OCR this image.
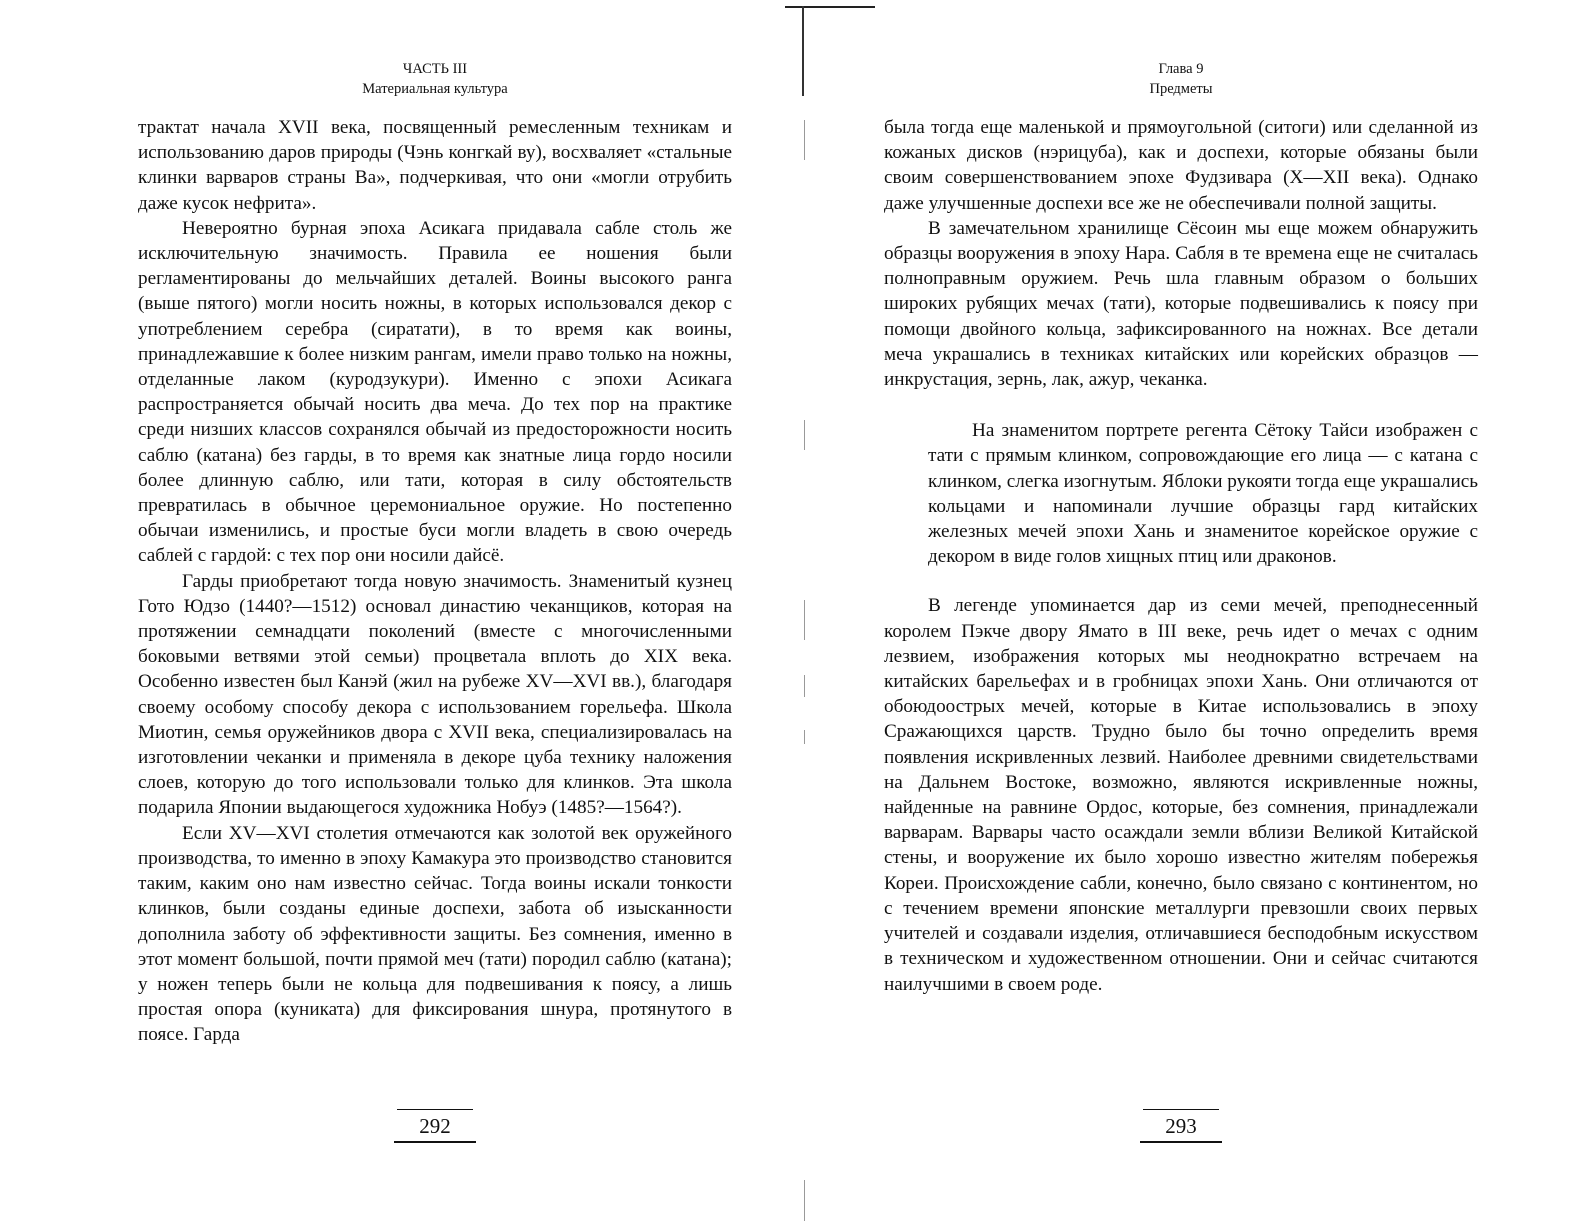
ЧАСТЬ III
Материальная культура

трактат начала XVII века, посвященный ремесленным техникам и использованию даров природы (Чэнь конгкай ву), восхваляет «стальные клинки варваров страны Ва», подчеркивая, что они «могли отрубить даже кусок нефрита».

Невероятно бурная эпоха Асикага придавала сабле столь же исключительную значимость. Правила ее ношения были регламентированы до мельчайших деталей. Воины высокого ранга (выше пятого) могли носить ножны, в которых использовался декор с употреблением серебра (сиратати), в то время как воины, принадлежавшие к более низким рангам, имели право только на ножны, отделанные лаком (куродзукури). Именно с эпохи Асикага распространяется обычай носить два меча. До тех пор на практике среди низших классов сохранялся обычай из предосторожности носить саблю (катана) без гарды, в то время как знатные лица гордо носили более длинную саблю, или тати, которая в силу обстоятельств превратилась в обычное церемониальное оружие. Но постепенно обычаи изменились, и простые буси могли владеть в свою очередь саблей с гардой: с тех пор они носили дайсё.

Гарды приобретают тогда новую значимость. Знаменитый кузнец Гото Юдзо (1440?—1512) основал династию чеканщиков, которая на протяжении семнадцати поколений (вместе с многочисленными боковыми ветвями этой семьи) процветала вплоть до XIX века. Особенно известен был Канэй (жил на рубеже XV—XVI вв.), благодаря своему особому способу декора с использованием горельефа. Школа Миотин, семья оружейников двора с XVII века, специализировалась на изготовлении чеканки и применяла в декоре цуба технику наложения слоев, которую до того использовали только для клинков. Эта школа подарила Японии выдающегося художника Нобуэ (1485?—1564?).

Если XV—XVI столетия отмечаются как золотой век оружейного производства, то именно в эпоху Камакура это производство становится таким, каким оно нам известно сейчас. Тогда воины искали тонкости клинков, были созданы единые доспехи, забота об изысканности дополнила заботу об эффективности защиты. Без сомнения, именно в этот момент большой, почти прямой меч (тати) породил саблю (катана); у ножен теперь были не кольца для подвешивания к поясу, а лишь простая опора (куниката) для фиксирования шнура, протянутого в поясе. Гарда

292
Глава 9
Предметы

была тогда еще маленькой и прямоугольной (ситоги) или сделанной из кожаных дисков (нэрицуба), как и доспехи, которые обязаны были своим совершенствованием эпохе Фудзивара (X—XII века). Однако даже улучшенные доспехи все же не обеспечивали полной защиты.

В замечательном хранилище Сёсоин мы еще можем обнаружить образцы вооружения в эпоху Нара. Сабля в те времена еще не считалась полноправным оружием. Речь шла главным образом о больших широких рубящих мечах (тати), которые подвешивались к поясу при помощи двойного кольца, зафиксированного на ножнах. Все детали меча украшались в техниках китайских или корейских образцов — инкрустация, зернь, лак, ажур, чеканка.

На знаменитом портрете регента Сётоку Тайси изображен с тати с прямым клинком, сопровождающие его лица — с катана с клинком, слегка изогнутым. Яблоки рукояти тогда еще украшались кольцами и напоминали лучшие образцы гард китайских железных мечей эпохи Хань и знаменитое корейское оружие с декором в виде голов хищных птиц или драконов.

В легенде упоминается дар из семи мечей, преподнесенный королем Пэкче двору Ямато в III веке, речь идет о мечах с одним лезвием, изображения которых мы неоднократно встречаем на китайских барельефах и в гробницах эпохи Хань. Они отличаются от обоюдоострых мечей, которые в Китае использовались в эпоху Сражающихся царств. Трудно было бы точно определить время появления искривленных лезвий. Наиболее древними свидетельствами на Дальнем Востоке, возможно, являются искривленные ножны, найденные на равнине Ордос, которые, без сомнения, принадлежали варварам. Варвары часто осаждали земли вблизи Великой Китайской стены, и вооружение их было хорошо известно жителям побережья Кореи. Происхождение сабли, конечно, было связано с континентом, но с течением времени японские металлурги превзошли своих первых учителей и создавали изделия, отличавшиеся бесподобным искусством в техническом и художественном отношении. Они и сейчас считаются наилучшими в своем роде.

293
